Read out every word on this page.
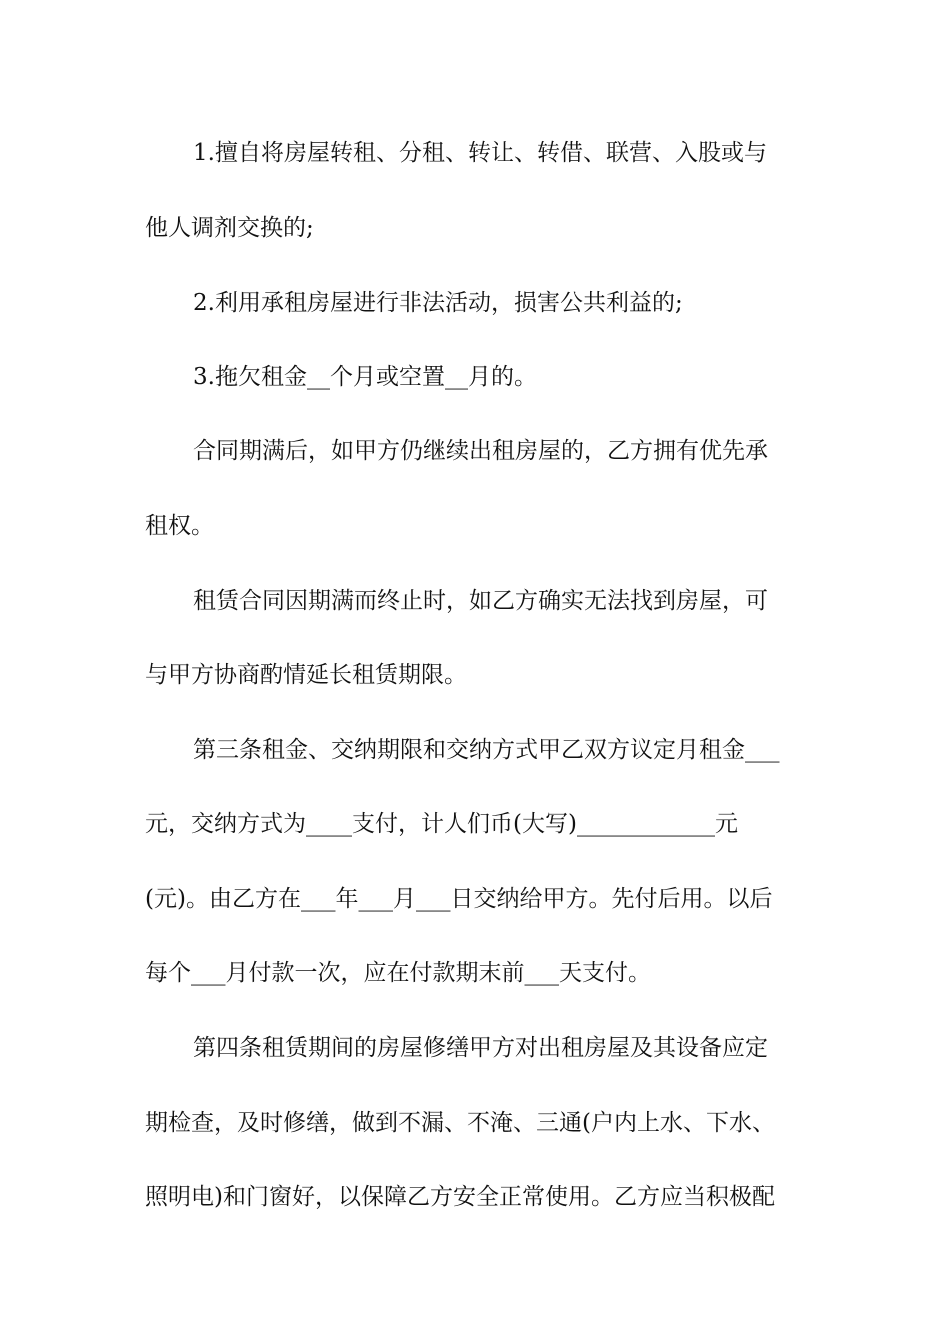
1.擅自将房屋转租、分租、转让、转借、联营、入股或与
他人调剂交换的;
2.利用承租房屋进行非法活动，损害公共利益的;
3.拖欠租金__个月或空置__月的。
合同期满后，如甲方仍继续出租房屋的，乙方拥有优先承
租权。
租赁合同因期满而终止时，如乙方确实无法找到房屋，可
与甲方协商酌情延长租赁期限。
第三条租金、交纳期限和交纳方式甲乙双方议定月租金___
元，交纳方式为____支付，计人们币(大写)____________元
(元)。由乙方在___年___月___日交纳给甲方。先付后用。以后
每个___月付款一次，应在付款期末前___天支付。
第四条租赁期间的房屋修缮甲方对出租房屋及其设备应定
期检查，及时修缮，做到不漏、不淹、三通(户内上水、下水、
照明电)和门窗好，以保障乙方安全正常使用。乙方应当积极配
